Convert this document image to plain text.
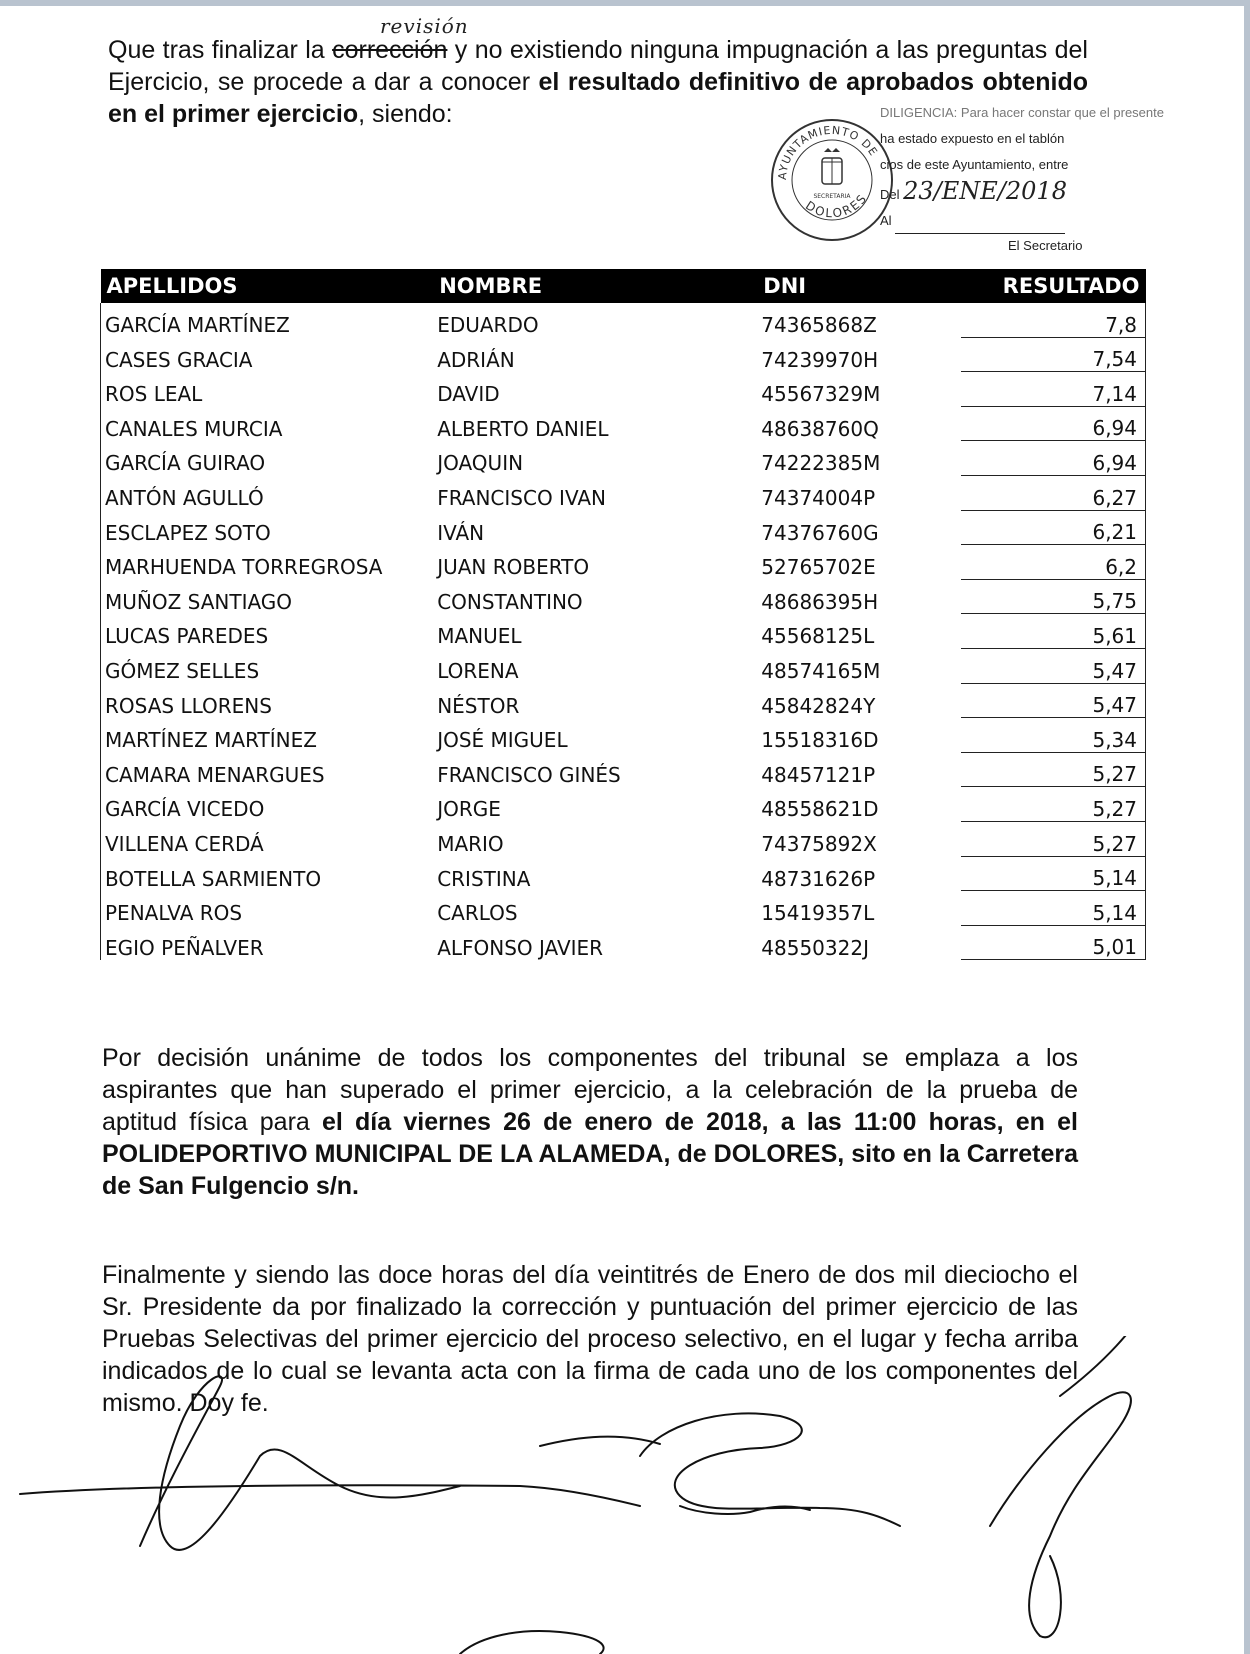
revisión
Que tras finalizar la corrección y no existiendo ninguna impugnación a las preguntas del Ejercicio, se procede a dar a conocer el resultado definitivo de aprobados obtenido en el primer ejercicio, siendo:
AYUNTAMIENTO DE
DOLORES
SECRETARIA
DILIGENCIA: Para hacer constar que el presente
ha estado expuesto en el tablón
cios de este Ayuntamiento, entre
Del 23/ENE/2018
Al
El Secretario
APELLIDOS	NOMBRE	DNI	RESULTADO
GARCÍA MARTÍNEZ	EDUARDO	74365868Z	7,8
CASES GRACIA	ADRIÁN	74239970H	7,54
ROS LEAL	DAVID	45567329M	7,14
CANALES MURCIA	ALBERTO DANIEL	48638760Q	6,94
GARCÍA GUIRAO	JOAQUIN	74222385M	6,94
ANTÓN AGULLÓ	FRANCISCO IVAN	74374004P	6,27
ESCLAPEZ SOTO	IVÁN	74376760G	6,21
MARHUENDA TORREGROSA	JUAN ROBERTO	52765702E	6,2
MUÑOZ SANTIAGO	CONSTANTINO	48686395H	5,75
LUCAS PAREDES	MANUEL	45568125L	5,61
GÓMEZ SELLES	LORENA	48574165M	5,47
ROSAS LLORENS	NÉSTOR	45842824Y	5,47
MARTÍNEZ MARTÍNEZ	JOSÉ MIGUEL	15518316D	5,34
CAMARA MENARGUES	FRANCISCO GINÉS	48457121P	5,27
GARCÍA VICEDO	JORGE	48558621D	5,27
VILLENA CERDÁ	MARIO	74375892X	5,27
BOTELLA SARMIENTO	CRISTINA	48731626P	5,14
PENALVA ROS	CARLOS	15419357L	5,14
EGIO PEÑALVER	ALFONSO JAVIER	48550322J	5,01
Por decisión unánime de todos los componentes del tribunal se emplaza a los aspirantes que han superado el primer ejercicio, a la celebración de la prueba de aptitud física para el día viernes 26 de enero de 2018, a las 11:00 horas, en el POLIDEPORTIVO MUNICIPAL DE LA ALAMEDA, de DOLORES, sito en la Carretera de San Fulgencio s/n.
Finalmente y siendo las doce horas del día veintitrés de Enero de dos mil dieciocho el Sr. Presidente da por finalizado la corrección y puntuación del primer ejercicio de las Pruebas Selectivas del primer ejercicio del proceso selectivo, en el lugar y fecha arriba indicados de lo cual se levanta acta con la firma de cada uno de los componentes del mismo. Doy fe.
